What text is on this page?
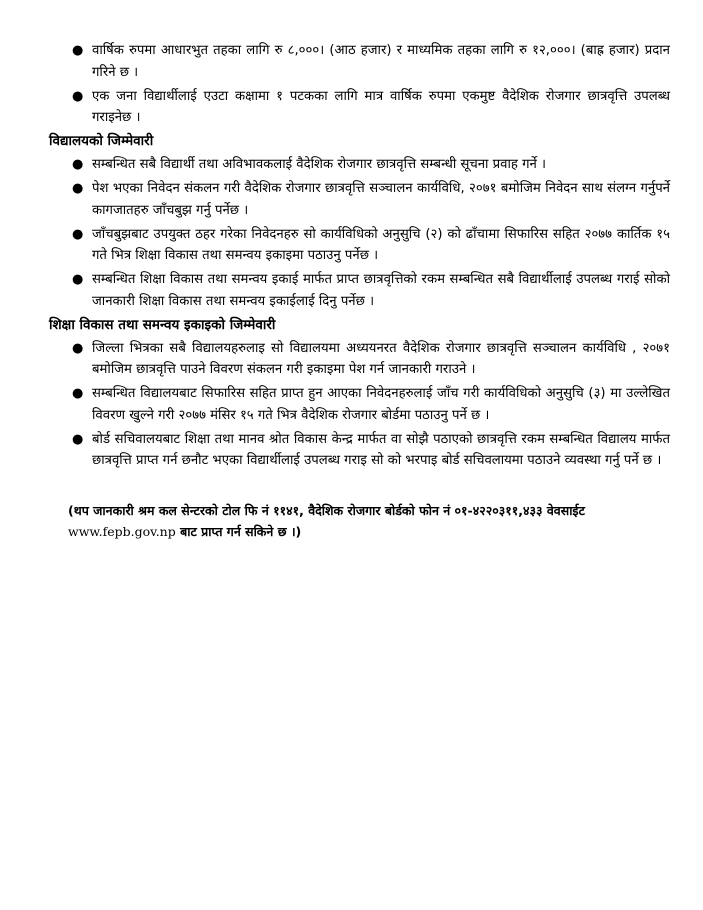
● वार्षिक रुपमा आधारभुत तहका लागि रु ८,०००। (आठ हजार) र माध्यमिक तहका लागि रु १२,०००। (बाह्र हजार) प्रदान गरिने छ ।
● एक जना विद्यार्थीलाई एउटा कक्षामा १ पटकका लागि मात्र वार्षिक रुपमा एकमुष्ट वैदेशिक रोजगार छात्रवृत्ति उपलब्ध गराइनेछ ।
विद्यालयको जिम्मेवारी
● सम्बन्धित सबै विद्यार्थी तथा अविभावकलाई वैदेशिक रोजगार छात्रवृत्ति सम्बन्धी सूचना प्रवाह गर्ने ।
● पेश भएका निवेदन संकलन गरी वैदेशिक रोजगार छात्रवृत्ति सञ्चालन कार्यविधि, २०७१ बमोजिम निवेदन साथ संलग्न गर्नुपर्ने कागजातहरु जाँचबुझ गर्नु पर्नेछ ।
● जाँचबुझबाट उपयुक्त ठहर गरेका निवेदनहरु सो कार्यविधिको अनुसुचि (२) को ढाँचामा सिफारिस सहित २०७७ कार्तिक १५ गते भित्र शिक्षा विकास तथा समन्वय इकाइमा पठाउनु पर्नेछ ।
● सम्बन्धित शिक्षा विकास तथा समन्वय इकाई मार्फत प्राप्त छात्रवृत्तिको रकम सम्बन्धित सबै विद्यार्थीलाई उपलब्ध गराई सोको जानकारी शिक्षा विकास तथा समन्वय इकाईलाई दिनु पर्नेछ ।
शिक्षा विकास तथा समन्वय इकाइको जिम्मेवारी
● जिल्ला भित्रका सबै विद्यालयहरुलाइ सो विद्यालयमा अध्ययनरत वैदेशिक रोजगार छात्रवृत्ति सञ्चालन कार्यविधि , २०७१ बमोजिम छात्रवृत्ति पाउने विवरण संकलन गरी इकाइमा पेश गर्न जानकारी गराउने ।
● सम्बन्धित विद्यालयबाट सिफारिस सहित प्राप्त हुन आएका निवेदनहरुलाई जाँच गरी कार्यविधिको अनुसुचि (३) मा उल्लेखित विवरण खुल्ने गरी २०७७ मंसिर १५ गते भित्र वैदेशिक रोजगार बोर्डमा पठाउनु पर्ने छ ।
● बोर्ड सचिवालयबाट शिक्षा तथा मानव श्रोत विकास केन्द्र मार्फत वा सोझै पठाएको छात्रवृत्ति रकम सम्बन्धित विद्यालय मार्फत छात्रवृत्ति प्राप्त गर्न छनौट भएका विद्यार्थीलाई उपलब्ध गराइ सो को भरपाइ बोर्ड सचिवलायमा पठाउने व्यवस्था गर्नु पर्ने छ ।

(थप जानकारी श्रम कल सेन्टरको टोल फि नं ११४१, वैदेशिक रोजगार बोर्डको फोन नं ०१-४२२०३११,४३३ वेवसाईट www.fepb.gov.np बाट प्राप्त गर्न सकिने छ ।)
